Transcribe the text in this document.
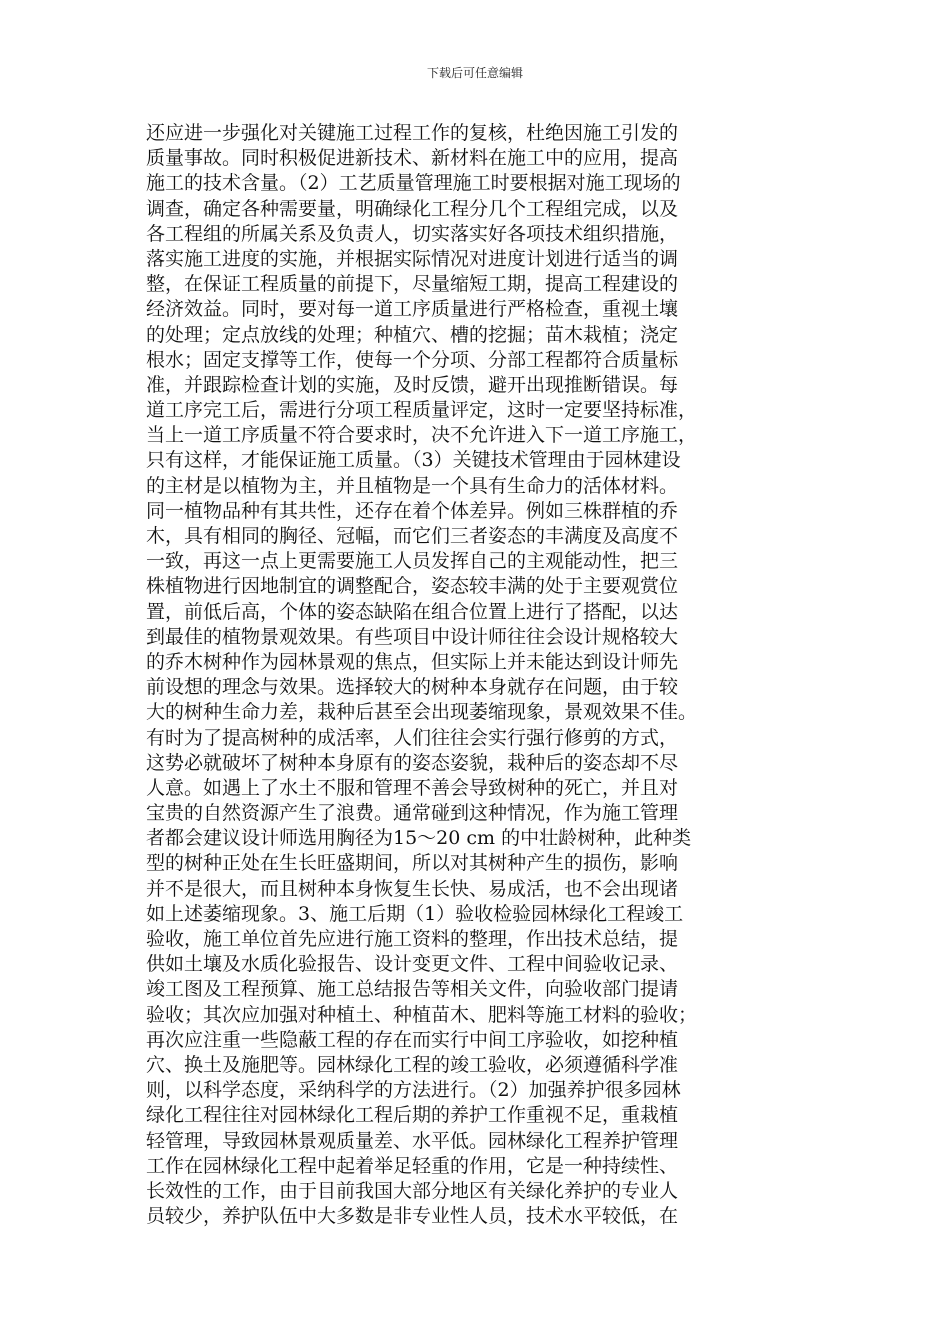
下载后可任意编辑
还应进一步强化对关键施工过程工作的复核，杜绝因施工引发的
质量事故。同时积极促进新技术、新材料在施工中的应用，提高
施工的技术含量。（2）工艺质量管理施工时要根据对施工现场的
调查，确定各种需要量，明确绿化工程分几个工程组完成，以及
各工程组的所属关系及负责人，切实落实好各项技术组织措施，
落实施工进度的实施，并根据实际情况对进度计划进行适当的调
整，在保证工程质量的前提下，尽量缩短工期，提高工程建设的
经济效益。同时，要对每一道工序质量进行严格检查，重视土壤
的处理；定点放线的处理；种植穴、槽的挖掘；苗木栽植；浇定
根水；固定支撑等工作，使每一个分项、分部工程都符合质量标
准，并跟踪检查计划的实施，及时反馈，避开出现推断错误。每
道工序完工后，需进行分项工程质量评定，这时一定要坚持标准，
当上一道工序质量不符合要求时，决不允许进入下一道工序施工，
只有这样，才能保证施工质量。（3）关键技术管理由于园林建设
的主材是以植物为主，并且植物是一个具有生命力的活体材料。
同一植物品种有其共性，还存在着个体差异。例如三株群植的乔
木，具有相同的胸径、冠幅，而它们三者姿态的丰满度及高度不
一致，再这一点上更需要施工人员发挥自己的主观能动性，把三
株植物进行因地制宜的调整配合，姿态较丰满的处于主要观赏位
置，前低后高，个体的姿态缺陷在组合位置上进行了搭配，以达
到最佳的植物景观效果。有些项目中设计师往往会设计规格较大
的乔木树种作为园林景观的焦点，但实际上并未能达到设计师先
前设想的理念与效果。选择较大的树种本身就存在问题，由于较
大的树种生命力差，栽种后甚至会出现萎缩现象，景观效果不佳。
有时为了提高树种的成活率，人们往往会实行强行修剪的方式，
这势必就破坏了树种本身原有的姿态姿貌，栽种后的姿态却不尽
人意。如遇上了水土不服和管理不善会导致树种的死亡，并且对
宝贵的自然资源产生了浪费。通常碰到这种情况，作为施工管理
者都会建议设计师选用胸径为15～20 cm 的中壮龄树种，此种类
型的树种正处在生长旺盛期间，所以对其树种产生的损伤，影响
并不是很大，而且树种本身恢复生长快、易成活，也不会出现诸
如上述萎缩现象。3、施工后期（1）验收检验园林绿化工程竣工
验收，施工单位首先应进行施工资料的整理，作出技术总结，提
供如土壤及水质化验报告、设计变更文件、工程中间验收记录、
竣工图及工程预算、施工总结报告等相关文件，向验收部门提请
验收；其次应加强对种植土、种植苗木、肥料等施工材料的验收；
再次应注重一些隐蔽工程的存在而实行中间工序验收，如挖种植
穴、换土及施肥等。园林绿化工程的竣工验收，必须遵循科学准
则，以科学态度，采纳科学的方法进行。（2）加强养护很多园林
绿化工程往往对园林绿化工程后期的养护工作重视不足，重栽植
轻管理，导致园林景观质量差、水平低。园林绿化工程养护管理
工作在园林绿化工程中起着举足轻重的作用，它是一种持续性、
长效性的工作，由于目前我国大部分地区有关绿化养护的专业人
员较少，养护队伍中大多数是非专业性人员，技术水平较低，在
